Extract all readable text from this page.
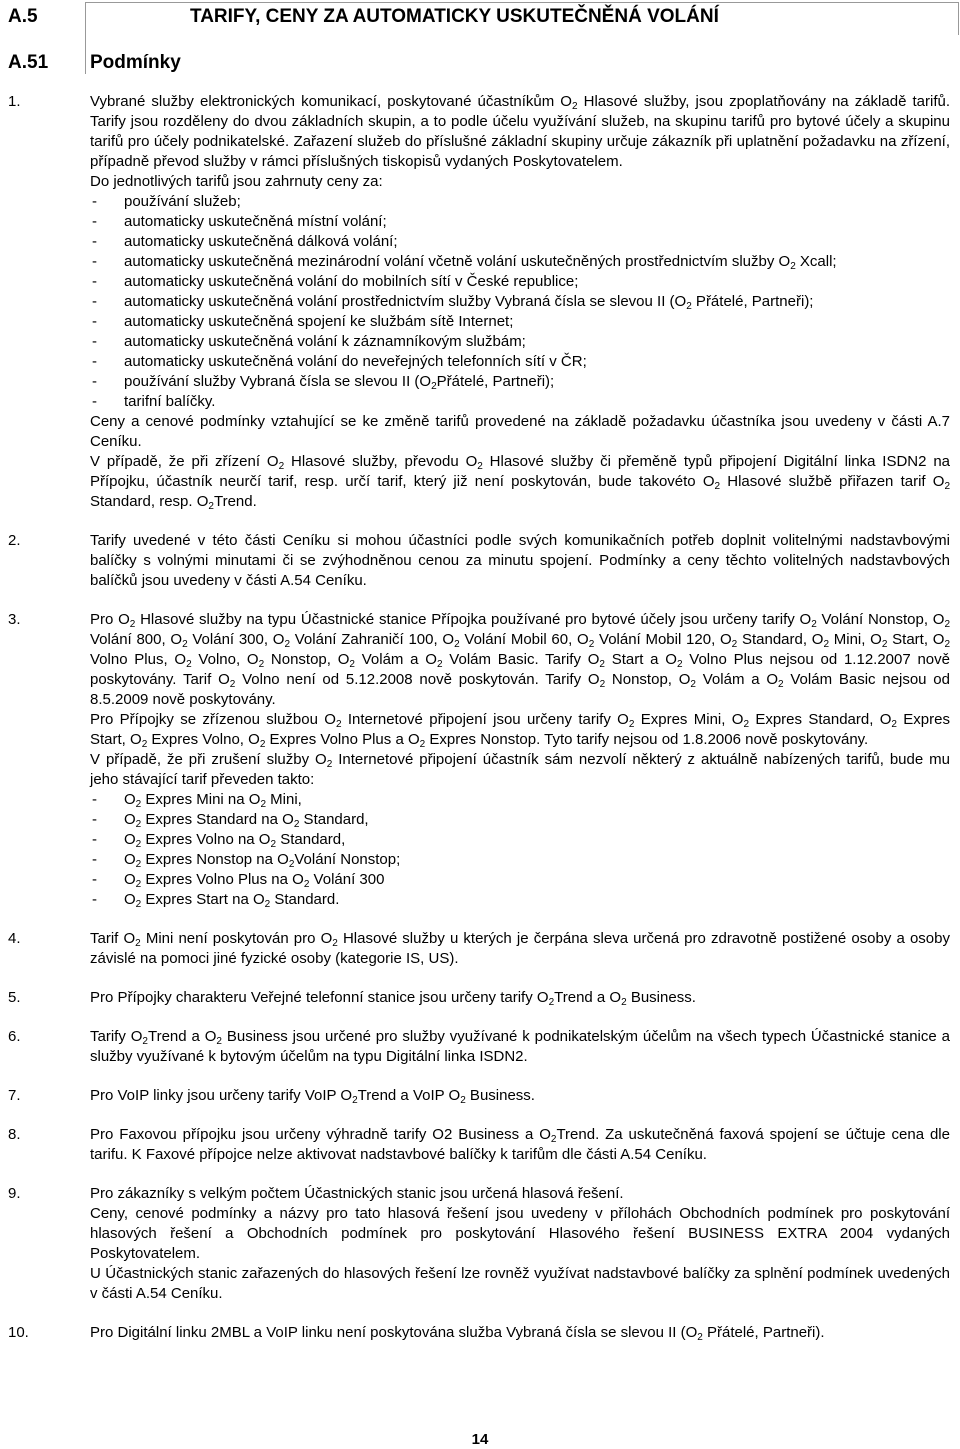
A.5	TARIFY, CENY ZA AUTOMATICKY USKUTEČNĚNÁ VOLÁNÍ
A.51 Podmínky
1.	Vybrané služby elektronických komunikací, poskytované účastníkům $O_2$ Hlasové služby, jsou zpoplatňovány na základě tarifů. Tarify jsou rozděleny do dvou základních skupin, a to podle účelu využívání služeb, na skupinu tarifů pro bytové účely a skupinu tarifů pro účely podnikatelské. Zařazení služeb do příslušné základní skupiny určuje zákazník při uplatnění požadavku na zřízení, případně převod služby v rámci příslušných tiskopisů vydaných Poskytovatelem.
Do jednotlivých tarifů jsou zahrnuty ceny za:
- používání služeb;
- automaticky uskutečněná místní volání;
- automaticky uskutečněná dálková volání;
- automaticky uskutečněná mezinárodní volání včetně volání uskutečněných prostřednictvím služby $O_2$ Xcall;
- automaticky uskutečněná volání do mobilních sítí v České republice;
- automaticky uskutečněná volání prostřednictvím služby Vybraná čísla se slevou II ($O_2$ Přátelé, Partneři);
- automaticky uskutečněná spojení ke službám sítě Internet;
- automaticky uskutečněná volání k záznamníkovým službám;
- automaticky uskutečněná volání do neveřejných telefonních sítí v ČR;
- používání služby Vybraná čísla se slevou II ($O_2Přátelé$, Partneři);
- tarifní balíčky.
Ceny a cenové podmínky vztahující se ke změně tarifů provedené na základě požadavku účastníka jsou uvedeny v části A.7 Ceníku.
V případě, že při zřízení $O_2$ Hlasové služby, převodu $O_2$ Hlasové služby či přeměně typů připojení Digitální linka ISDN2 na Přípojku, účastník neurčí tarif, resp. určí tarif, který již není poskytován, bude takovéto $O_2$ Hlasové službě přiřazen tarif $O_2$ Standard, resp. $O_2Trend$.
2.	Tarify uvedené v této části Ceníku si mohou účastníci podle svých komunikačních potřeb doplnit volitelnými nadstavbovými balíčky s volnými minutami či se zvýhodněnou cenou za minutu spojení. Podmínky a ceny těchto volitelných nadstavbových balíčků jsou uvedeny v části A.54 Ceníku.
3.	Pro $O_2$ Hlasové služby na typu Účastnické stanice Přípojka používané pro bytové účely jsou určeny tarify $O_2$ Volání Nonstop, $O_2$ Volání 800, $O_2$ Volání 300, $O_2$ Volání Zahraničí 100, $O_2$ Volání Mobil 60, $O_2$ Volání Mobil 120, $O_2$ Standard, $O_2$ Mini, $O_2$ Start, $O_2$ Volno Plus, $O_2$ Volno, $O_2$ Nonstop, $O_2$ Volám a $O_2$ Volám Basic. Tarify $O_2$ Start a $O_2$ Volno Plus nejsou od 1.12.2007 nově poskytovány. Tarif $O_2$ Volno není od 5.12.2008 nově poskytován. Tarify $O_2$ Nonstop, $O_2$ Volám a $O_2$ Volám Basic nejsou od 8.5.2009 nově poskytovány.
Pro Přípojky se zřízenou službou $O_2$ Internetové připojení jsou určeny tarify $O_2$ Expres Mini, $O_2$ Expres Standard, $O_2$ Expres Start, $O_2$ Expres Volno, $O_2$ Expres Volno Plus a $O_2$ Expres Nonstop. Tyto tarify nejsou od 1.8.2006 nově poskytovány.
V případě, že při zrušení služby $O_2$ Internetové připojení účastník sám nezvolí některý z aktuálně nabízených tarifů, bude mu jeho stávající tarif převeden takto:
- $O_2$ Expres Mini na $O_2$ Mini,
- $O_2$ Expres Standard na $O_2$ Standard,
- $O_2$ Expres Volno na $O_2$ Standard,
- $O_2$ Expres Nonstop na $O_2Volání$ Nonstop;
- $O_2$ Expres Volno Plus na $O_2$ Volání 300
- $O_2$ Expres Start na $O_2$ Standard.
4.	Tarif $O_2$ Mini není poskytován pro $O_2$ Hlasové služby u kterých je čerpána sleva určená pro zdravotně postižené osoby a osoby závislé na pomoci jiné fyzické osoby (kategorie IS, US).
5.	Pro Přípojky charakteru Veřejné telefonní stanice jsou určeny tarify $O_2Trend$ a $O_2$ Business.
6.	Tarify $O_2Trend$ a $O_2$ Business jsou určené pro služby využívané k podnikatelským účelům na všech typech Účastnické stanice a služby využívané k bytovým účelům na typu Digitální linka ISDN2.
7.	Pro VoIP linky jsou určeny tarify VoIP $O_2Trend$ a VoIP $O_2$ Business.
8.	Pro Faxovou přípojku jsou určeny výhradně tarify O2 Business a $O_2Trend$. Za uskutečněná faxová spojení se účtuje cena dle tarifu. K Faxové přípojce nelze aktivovat nadstavbové balíčky k tarifům dle části A.54 Ceníku.
9.	Pro zákazníky s velkým počtem Účastnických stanic jsou určená hlasová řešení.
Ceny, cenové podmínky a názvy pro tato hlasová řešení jsou uvedeny v přílohách Obchodních podmínek pro poskytování hlasových řešení a Obchodních podmínek pro poskytování Hlasového řešení BUSINESS EXTRA 2004 vydaných Poskytovatelem.
U Účastnických stanic zařazených do hlasových řešení lze rovněž využívat nadstavbové balíčky za splnění podmínek uvedených v části A.54 Ceníku.
10.	Pro Digitální linku 2MBL a VoIP linku není poskytována služba Vybraná čísla se slevou II ($O_2$ Přátelé, Partneři).
14
